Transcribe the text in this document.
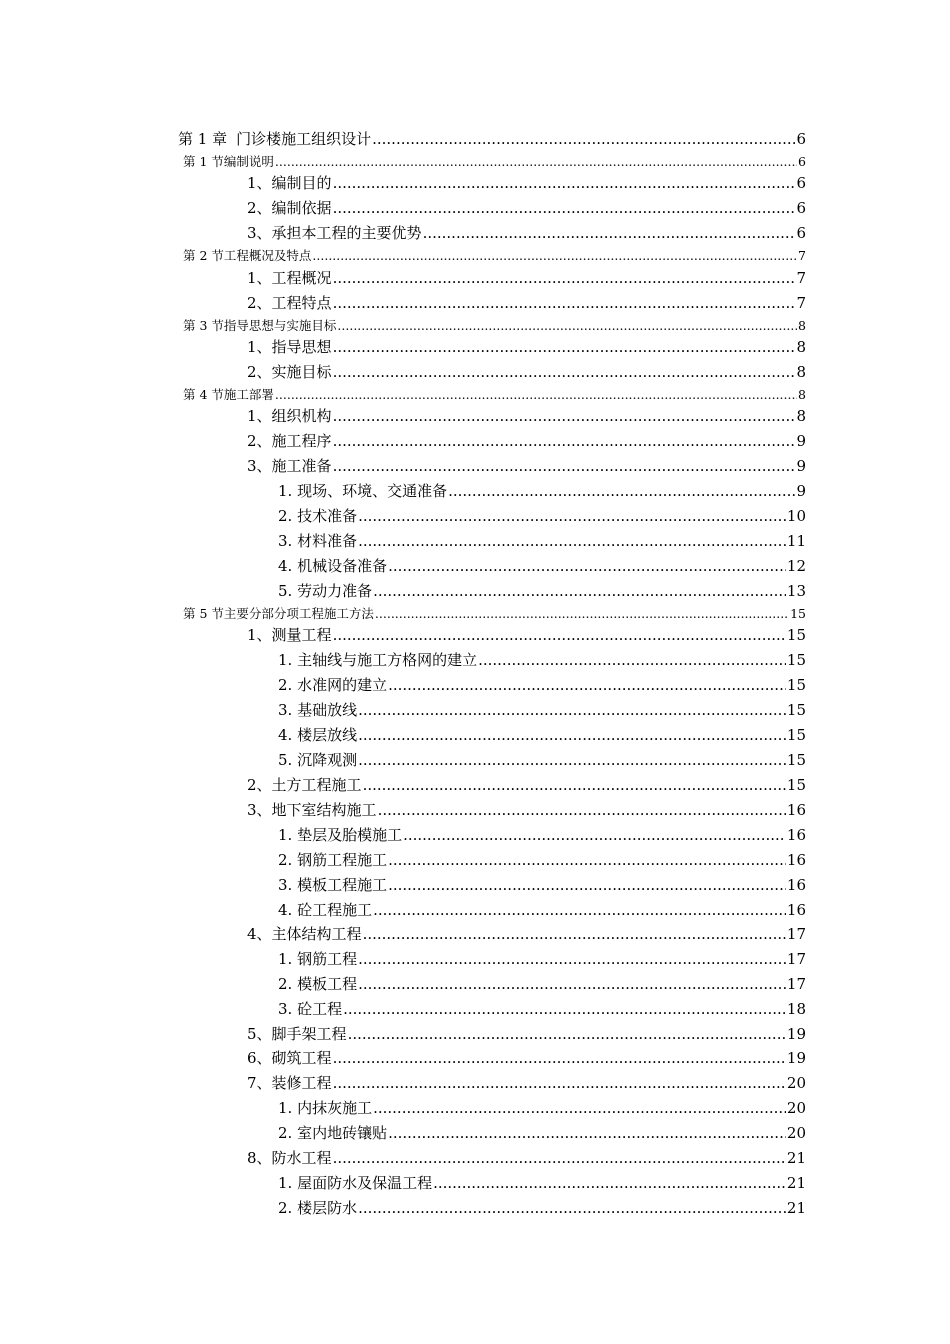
第 1 章 门诊楼施工组织设计 .....	6
第 1 节 编制说明 .....	6
1、 编制目的 .....	6
2、 编制依据 .....	6
3、 承担本工程的主要优势 .....	6
第 2 节 工程概况及特点 .....	7
1、 工程概况 .....	7
2、 工程特点 .....	7
第 3 节 指导思想与实施目标 .....	8
1、 指导思想 .....	8
2、 实施目标 .....	8
第 4 节 施工部署 .....	8
1、 组织机构 .....	8
2、 施工程序 .....	9
3、 施工准备 .....	9
1. 现场、环境、交通准备 .....	9
2. 技术准备 .....	10
3. 材料准备 .....	11
4. 机械设备准备 .....	12
5. 劳动力准备 .....	13
第 5 节 主要分部分项工程施工方法 .....	15
1、 测量工程 .....	15
1. 主轴线与施工方格网的建立 .....	15
2. 水准网的建立 .....	15
3. 基础放线 .....	15
4. 楼层放线 .....	15
5. 沉降观测 .....	15
2、 土方工程施工 .....	15
3、 地下室结构施工 .....	16
1. 垫层及胎模施工 .....	16
2. 钢筋工程施工 .....	16
3. 模板工程施工 .....	16
4. 砼工程施工 .....	16
4、 主体结构工程 .....	17
1. 钢筋工程 .....	17
2. 模板工程 .....	17
3. 砼工程 .....	18
5、 脚手架工程 .....	19
6、 砌筑工程 .....	19
7、 装修工程 .....	20
1. 内抹灰施工 .....	20
2. 室内地砖镶贴 .....	20
8、 防水工程 .....	21
1. 屋面防水及保温工程 .....	21
2. 楼层防水 .....	21
